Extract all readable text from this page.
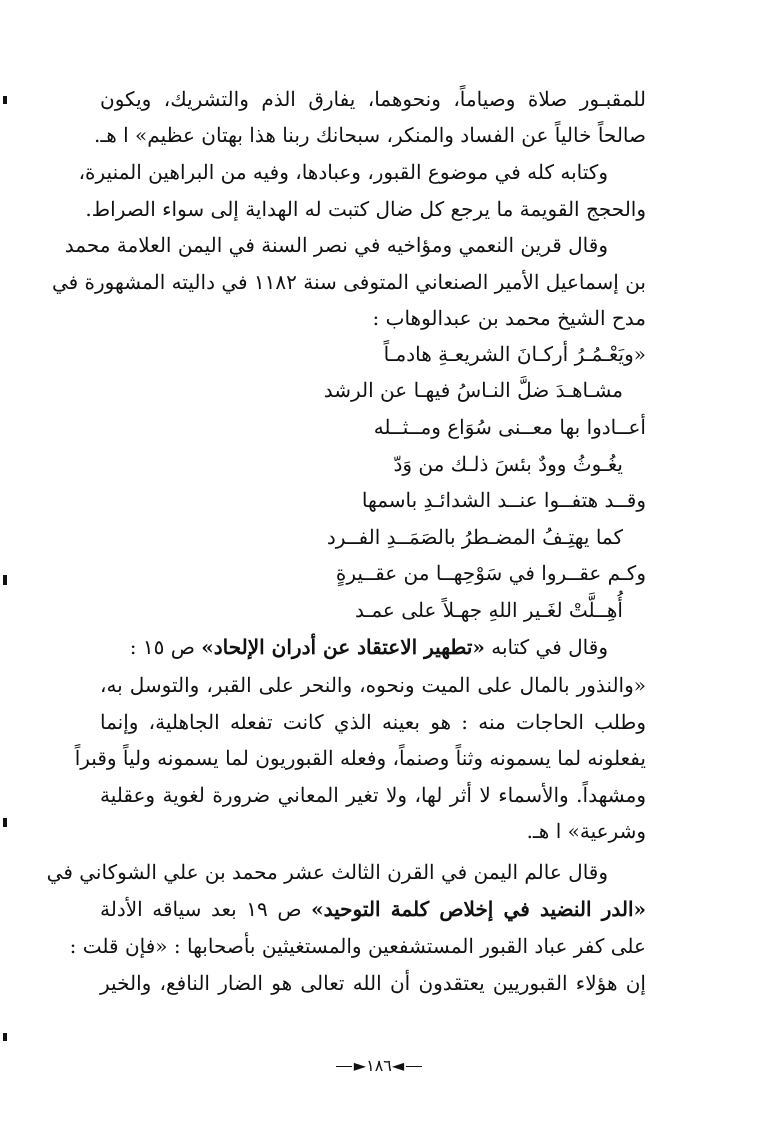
للمقبـور صلاة وصياماً، ونحوهما، يفارق الذم والتشريك، ويكون
صالحاً خالياً عن الفساد والمنكر، سبحانك ربنا هذا بهتان عظيم» ا هـ.
وكتابه كله في موضوع القبور، وعبادها، وفيه من البراهين المنيرة،
والحجج القويمة ما يرجع كل ضال كتبت له الهداية إلى سواء الصراط.
وقال قرين النعمي ومؤاخيه في نصر السنة في اليمن العلامة محمد
بن إسماعيل الأمير الصنعاني المتوفى سنة ١١٨٢ في داليته المشهورة في
مدح الشيخ محمد بن عبدالوهاب :
«ويَعْـمُـرُ أركـانَ الشريعـةِ هادمـاً
مشـاهـدَ ضلَّ النـاسُ فيهـا عن الرشد
أعــادوا بها معــنى سُوَاع ومــثــله
يغُـوثُ وودٌ بئسَ ذلـك من وَدّ
وقــد هتفــوا عنــد الشدائـدِ باسمها
كما يهتِـفُ المضـطرُ بالصَمَــدِ الفــرد
وكـم عقــروا في سَوْحِهــا من عقــيرةٍ
أُهِــلَّتْ لغَـير اللهِ جهـلاً على عمـد
وقال في كتابه «تطهير الاعتقاد عن أدران الإلحاد» ص ١٥ :
«والنذور بالمال على الميت ونحوه، والنحر على القبر، والتوسل به،
وطلب الحاجات منه : هو بعينه الذي كانت تفعله الجاهلية، وإنما
يفعلونه لما يسمونه وثناً وصنماً، وفعله القبوريون لما يسمونه ولياً وقبراً
ومشهداً. والأسماء لا أثر لها، ولا تغير المعاني ضرورة لغوية وعقلية
وشرعية» ا هـ.
وقال عالم اليمن في القرن الثالث عشر محمد بن علي الشوكاني في
«الدر النضيد في إخلاص كلمة التوحيد» ص ١٩ بعد سياقه الأدلة
على كفر عباد القبور المستشفعين والمستغيثين بأصحابها : «فإن قلت :
إن هؤلاء القبوريين يعتقدون أن الله تعالى هو الضار النافع، والخير
◄١٨٦►
